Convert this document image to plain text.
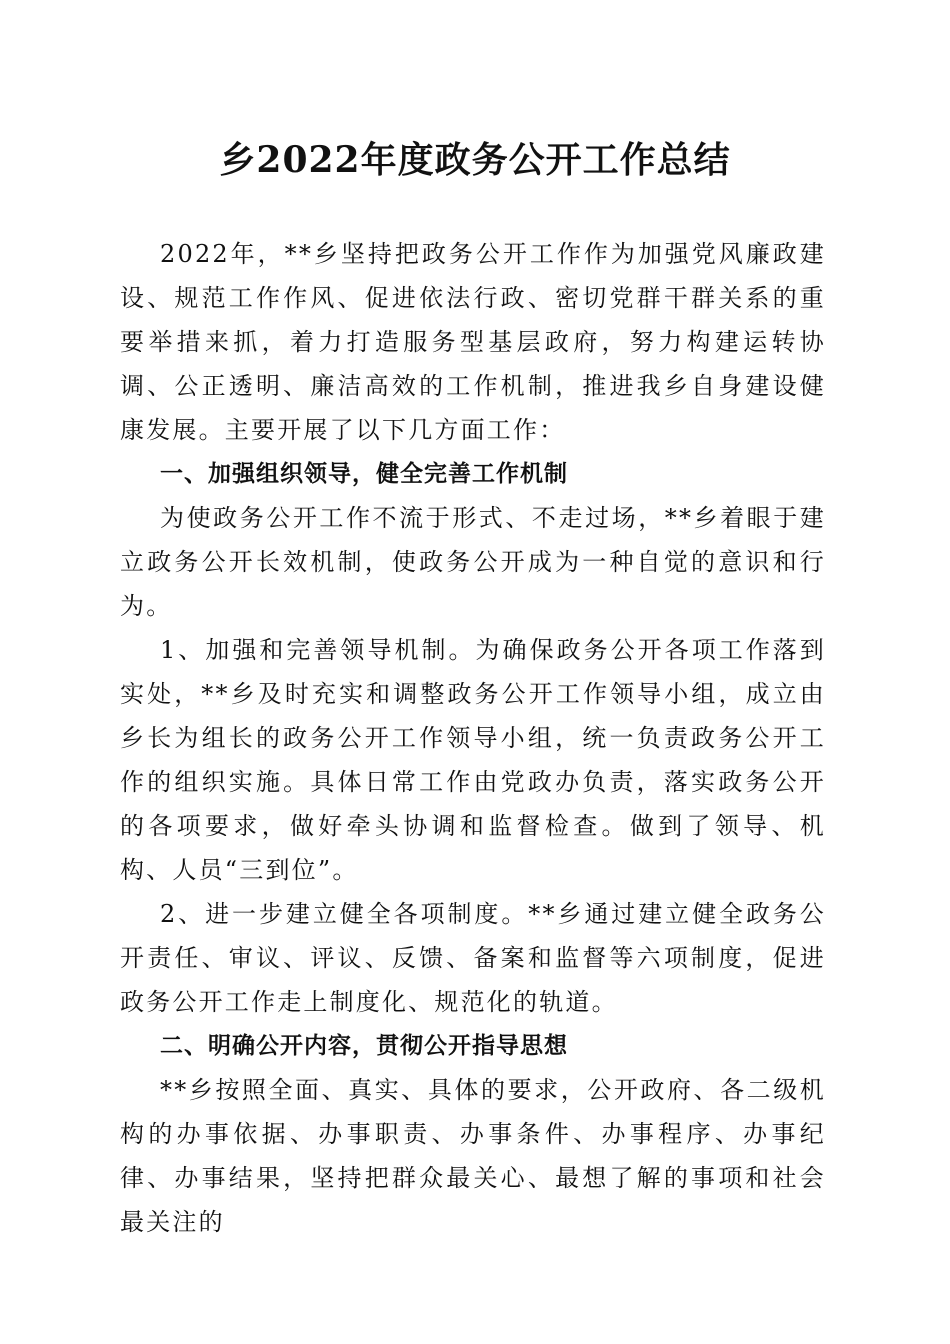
乡2022年度政务公开工作总结

2022年，**乡坚持把政务公开工作作为加强党风廉政建设、规范工作作风、促进依法行政、密切党群干群关系的重要举措来抓，着力打造服务型基层政府，努力构建运转协调、公正透明、廉洁高效的工作机制，推进我乡自身建设健康发展。主要开展了以下几方面工作：

一、加强组织领导，健全完善工作机制

为使政务公开工作不流于形式、不走过场，**乡着眼于建立政务公开长效机制，使政务公开成为一种自觉的意识和行为。

1、加强和完善领导机制。为确保政务公开各项工作落到实处，**乡及时充实和调整政务公开工作领导小组，成立由乡长为组长的政务公开工作领导小组，统一负责政务公开工作的组织实施。具体日常工作由党政办负责，落实政务公开的各项要求，做好牵头协调和监督检查。做到了领导、机构、人员“三到位”。

2、进一步建立健全各项制度。**乡通过建立健全政务公开责任、审议、评议、反馈、备案和监督等六项制度，促进政务公开工作走上制度化、规范化的轨道。

二、明确公开内容，贯彻公开指导思想

**乡按照全面、真实、具体的要求，公开政府、各二级机构的办事依据、办事职责、办事条件、办事程序、办事纪律、办事结果，坚持把群众最关心、最想了解的事项和社会最关注的
